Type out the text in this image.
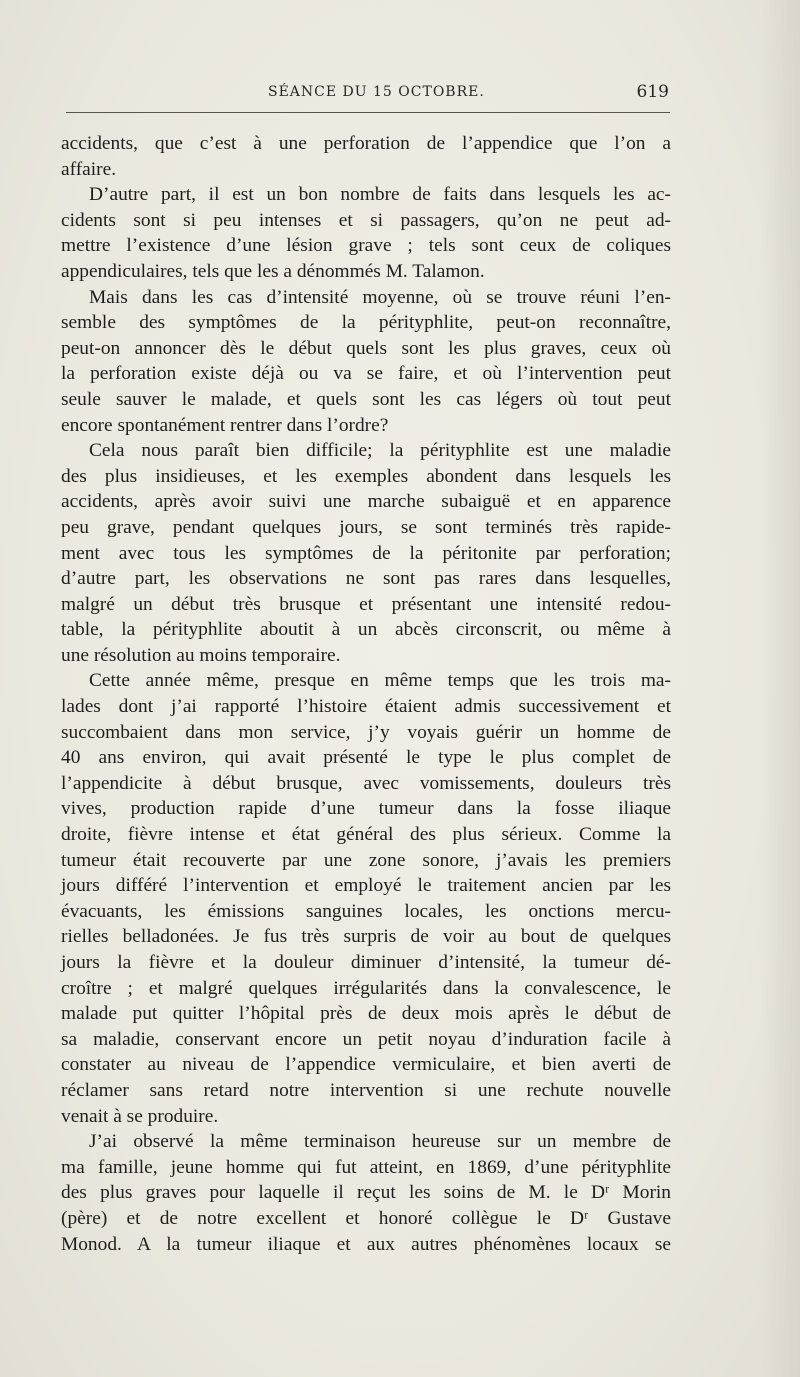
SÉANCE DU 15 OCTOBRE.	619
accidents, que c’est à une perforation de l’appendice que l’on a
affaire.
D’autre part, il est un bon nombre de faits dans lesquels les ac-
cidents sont si peu intenses et si passagers, qu’on ne peut ad-
mettre l’existence d’une lésion grave ; tels sont ceux de coliques
appendiculaires, tels que les a dénommés M. Talamon.
Mais dans les cas d’intensité moyenne, où se trouve réuni l’en-
semble des symptômes de la pérityphlite, peut-on reconnaître,
peut-on annoncer dès le début quels sont les plus graves, ceux où
la perforation existe déjà ou va se faire, et où l’intervention peut
seule sauver le malade, et quels sont les cas légers où tout peut
encore spontanément rentrer dans l’ordre?
Cela nous paraît bien difficile; la pérityphlite est une maladie
des plus insidieuses, et les exemples abondent dans lesquels les
accidents, après avoir suivi une marche subaiguë et en apparence
peu grave, pendant quelques jours, se sont terminés très rapide-
ment avec tous les symptômes de la péritonite par perforation;
d’autre part, les observations ne sont pas rares dans lesquelles,
malgré un début très brusque et présentant une intensité redou-
table, la pérityphlite aboutit à un abcès circonscrit, ou même à
une résolution au moins temporaire.
Cette année même, presque en même temps que les trois ma-
lades dont j’ai rapporté l’histoire étaient admis successivement et
succombaient dans mon service, j’y voyais guérir un homme de
40 ans environ, qui avait présenté le type le plus complet de
l’appendicite à début brusque, avec vomissements, douleurs très
vives, production rapide d’une tumeur dans la fosse iliaque
droite, fièvre intense et état général des plus sérieux. Comme la
tumeur était recouverte par une zone sonore, j’avais les premiers
jours différé l’intervention et employé le traitement ancien par les
évacuants, les émissions sanguines locales, les onctions mercu-
rielles belladonées. Je fus très surpris de voir au bout de quelques
jours la fièvre et la douleur diminuer d’intensité, la tumeur dé-
croître ; et malgré quelques irrégularités dans la convalescence, le
malade put quitter l’hôpital près de deux mois après le début de
sa maladie, conservant encore un petit noyau d’induration facile à
constater au niveau de l’appendice vermiculaire, et bien averti de
réclamer sans retard notre intervention si une rechute nouvelle
venait à se produire.
J’ai observé la même terminaison heureuse sur un membre de
ma famille, jeune homme qui fut atteint, en 1869, d’une pérityphlite
des plus graves pour laquelle il reçut les soins de M. le Dʳ Morin
(père) et de notre excellent et honoré collègue le Dʳ Gustave
Monod. A la tumeur iliaque et aux autres phénomènes locaux se
